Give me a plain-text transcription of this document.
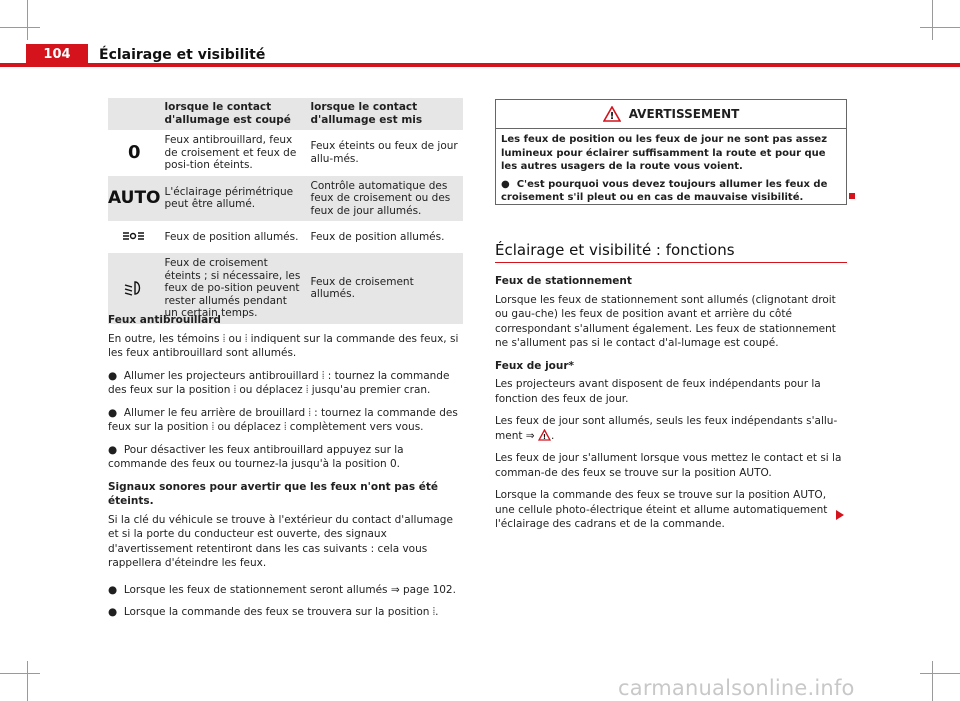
104	Éclairage et visibilité
	lorsque le contact d'allumage est coupé	lorsque le contact d'allumage est mis
0	Feux antibrouillard, feux de croisement et feux de posi-tion éteints.	Feux éteints ou feux de jour allu-més.
AUTO	L'éclairage périmétrique peut être allumé.	Contrôle automatique des feux de croisement ou des feux de jour allumés.
	Feux de position allumés.	Feux de position allumés.
	Feux de croisement éteints ; si nécessaire, les feux de po-sition peuvent rester allumés pendant un certain temps.	Feux de croisement allumés.

Feux antibrouillard

En outre, les témoins ⦙ ou ⦙ indiquent sur la commande des feux, si les feux antibrouillard sont allumés.

●  Allumer les projecteurs antibrouillard ⦙ : tournez la commande des feux sur la position ⦙ ou déplacez ⦙ jusqu'au premier cran.

●  Allumer le feu arrière de brouillard ⦙ : tournez la commande des feux sur la position ⦙ ou déplacez ⦙ complètement vers vous.

●  Pour désactiver les feux antibrouillard appuyez sur la commande des feux ou tournez-la jusqu'à la position 0.

Signaux sonores pour avertir que les feux n'ont pas été éteints.

Si la clé du véhicule se trouve à l'extérieur du contact d'allumage et si la porte du conducteur est ouverte, des signaux d'avertissement retentiront dans les cas suivants : cela vous rappellera d'éteindre les feux.

●  Lorsque les feux de stationnement seront allumés ⇒ page 102.

●  Lorsque la commande des feux se trouvera sur la position ⦙.

! AVERTISSEMENT

Les feux de position ou les feux de jour ne sont pas assez lumineux pour éclairer suffisamment la route et pour que les autres usagers de la route vous voient.

●  C'est pourquoi vous devez toujours allumer les feux de croisement s'il pleut ou en cas de mauvaise visibilité.

Éclairage et visibilité : fonctions

Feux de stationnement

Lorsque les feux de stationnement sont allumés (clignotant droit ou gau-che) les feux de position avant et arrière du côté correspondant s'allument également. Les feux de stationnement ne s'allument pas si le contact d'al-lumage est coupé.

Feux de jour*

Les projecteurs avant disposent de feux indépendants pour la fonction des feux de jour.

Les feux de jour sont allumés, seuls les feux indépendants s'allu-ment ⇒ ! .

Les feux de jour s'allument lorsque vous mettez le contact et si la comman-de des feux se trouve sur la position AUTO.

Lorsque la commande des feux se trouve sur la position AUTO, une cellule photo-électrique éteint et allume automatiquement l'éclairage des cadrans et de la commande.

carmanualsonline.info
